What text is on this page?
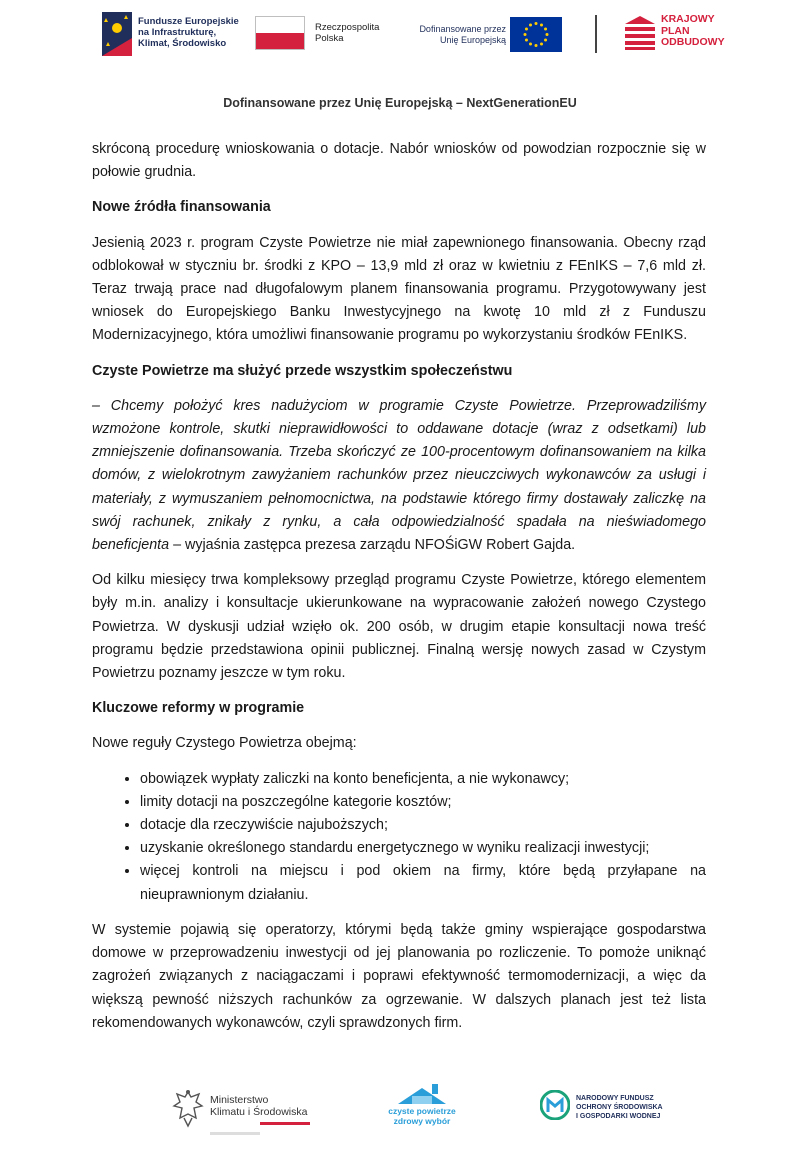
Fundusze Europejskie
na Infrastrukturę,
Klimat, Środowisko
Rzeczpospolita
Polska
Dofinansowane przez
Unię Europejską
KRAJOWY
PLAN
ODBUDOWY
Dofinansowane przez Unię Europejską – NextGenerationEU

skróconą procedurę wnioskowania o dotacje. Nabór wniosków od powodzian rozpocznie się w połowie grudnia.

Nowe źródła finansowania

Jesienią 2023 r. program Czyste Powietrze nie miał zapewnionego finansowania. Obecny rząd odblokował w styczniu br. środki z KPO – 13,9 mld zł oraz w kwietniu z FEnIKS – 7,6 mld zł. Teraz trwają prace nad długofalowym planem finansowania programu. Przygotowywany jest wniosek do Europejskiego Banku Inwestycyjnego na kwotę 10 mld zł z Funduszu Modernizacyjnego, która umożliwi finansowanie programu po wykorzystaniu środków FEnIKS.

Czyste Powietrze ma służyć przede wszystkim społeczeństwu

– Chcemy położyć kres nadużyciom w programie Czyste Powietrze. Przeprowadziliśmy wzmożone kontrole, skutki nieprawidłowości to oddawane dotacje (wraz z odsetkami) lub zmniejszenie dofinansowania. Trzeba skończyć ze 100-procentowym dofinansowaniem na kilka domów, z wielokrotnym zawyżaniem rachunków przez nieuczciwych wykonawców za usługi i materiały, z wymuszaniem pełnomocnictwa, na podstawie którego firmy dostawały zaliczkę na swój rachunek, znikały z rynku, a cała odpowiedzialność spadała na nieświadomego beneficjenta – wyjaśnia zastępca prezesa zarządu NFOŚiGW Robert Gajda.

Od kilku miesięcy trwa kompleksowy przegląd programu Czyste Powietrze, którego elementem były m.in. analizy i konsultacje ukierunkowane na wypracowanie założeń nowego Czystego Powietrza. W dyskusji udział wzięło ok. 200 osób, w drugim etapie konsultacji nowa treść programu będzie przedstawiona opinii publicznej. Finalną wersję nowych zasad w Czystym Powietrzu poznamy jeszcze w tym roku.

Kluczowe reformy w programie

Nowe reguły Czystego Powietrza obejmą:

• obowiązek wypłaty zaliczki na konto beneficjenta, a nie wykonawcy;
• limity dotacji na poszczególne kategorie kosztów;
• dotacje dla rzeczywiście najuboższych;
• uzyskanie określonego standardu energetycznego w wyniku realizacji inwestycji;
• więcej kontroli na miejscu i pod okiem na firmy, które będą przyłapane na nieuprawnionym działaniu.

W systemie pojawią się operatorzy, którymi będą także gminy wspierające gospodarstwa domowe w przeprowadzeniu inwestycji od jej planowania po rozliczenie. To pomoże uniknąć zagrożeń związanych z naciągaczami i poprawi efektywność termomodernizacji, a więc da większą pewność niższych rachunków za ogrzewanie. W dalszych planach jest też lista rekomendowanych wykonawców, czyli sprawdzonych firm.

Ministerstwo
Klimatu i Środowiska	czyste powietrze
zdrowy wybór
NARODOWY FUNDUSZ
OCHRONY ŚRODOWISKA
I GOSPODARKI WODNEJ
